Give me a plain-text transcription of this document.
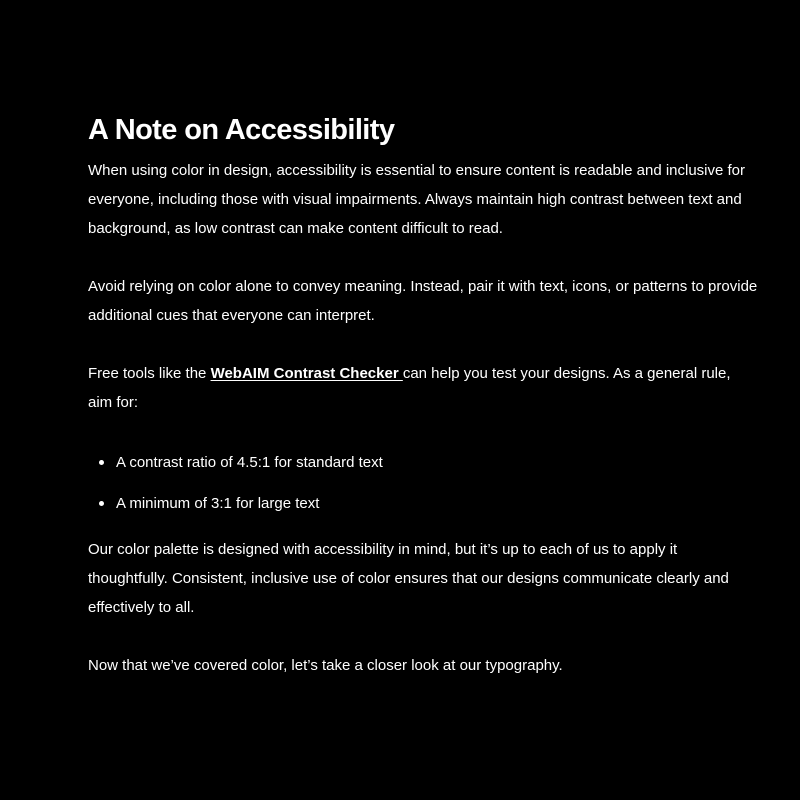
A Note on Accessibility

When using color in design, accessibility is essential to ensure content is readable and inclusive for everyone, including those with visual impairments. Always maintain high contrast between text and background, as low contrast can make content difficult to read.

Avoid relying on color alone to convey meaning. Instead, pair it with text, icons, or patterns to provide additional cues that everyone can interpret.

Free tools like the WebAIM Contrast Checker can help you test your designs. As a general rule, aim for:

A contrast ratio of 4.5:1 for standard text
A minimum of 3:1 for large text

Our color palette is designed with accessibility in mind, but it’s up to each of us to apply it thoughtfully. Consistent, inclusive use of color ensures that our designs communicate clearly and effectively to all.

Now that we’ve covered color, let’s take a closer look at our typography.
